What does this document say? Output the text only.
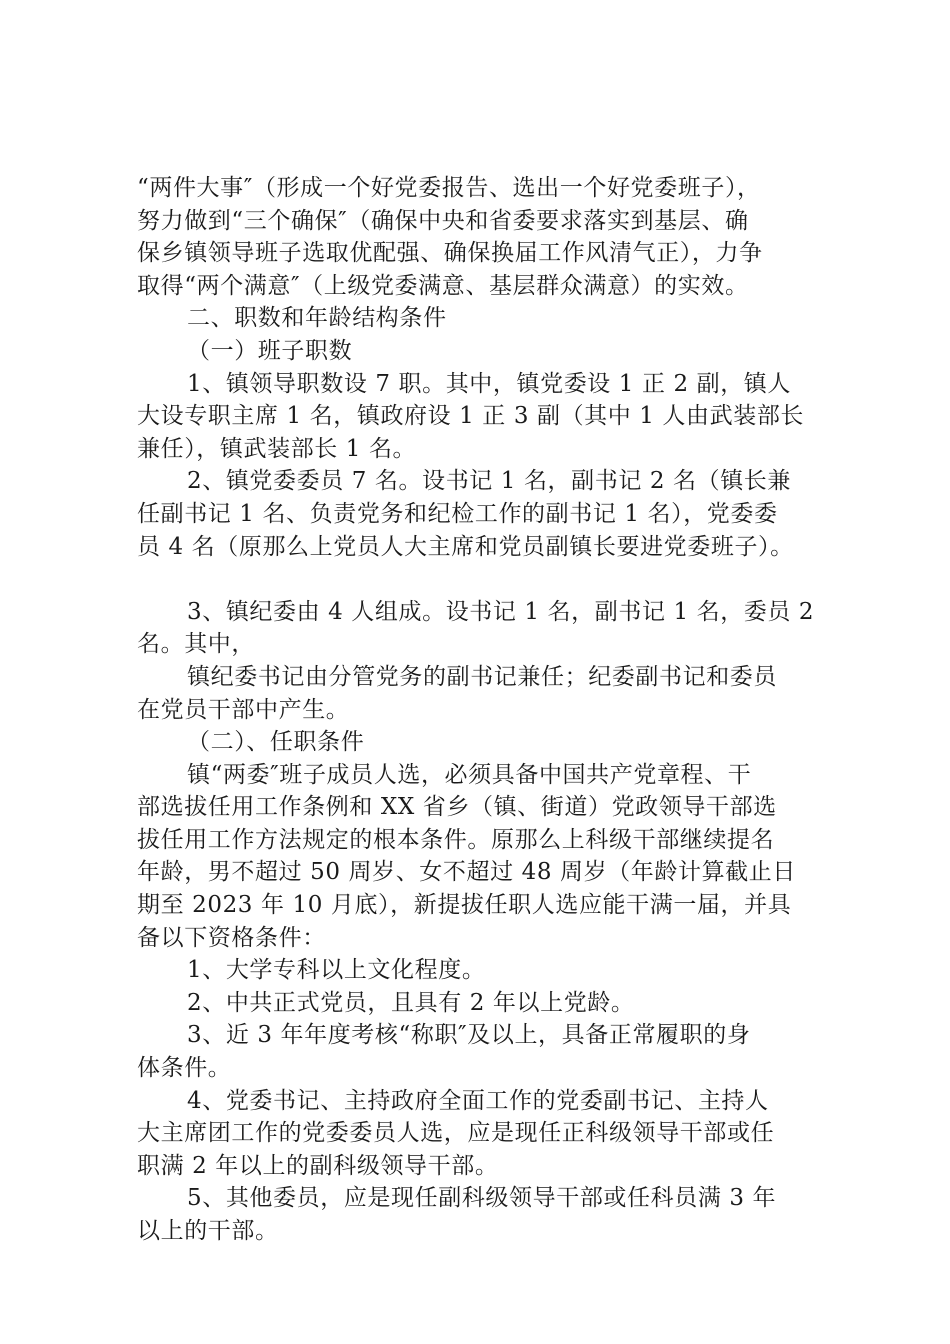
“两件大事″（形成一个好党委报告、选出一个好党委班子），
努力做到“三个确保″（确保中央和省委要求落实到基层、确
保乡镇领导班子选取优配强、确保换届工作风清气正），力争
取得“两个满意″（上级党委满意、基层群众满意）的实效。
二、职数和年龄结构条件
（一）班子职数
1、镇领导职数设 7 职。其中，镇党委设 1 正 2 副，镇人
大设专职主席 1 名，镇政府设 1 正 3 副（其中 1 人由武装部长
兼任），镇武装部长 1 名。
2、镇党委委员 7 名。设书记 1 名，副书记 2 名（镇长兼
任副书记 1 名、负责党务和纪检工作的副书记 1 名），党委委
员 4 名（原那么上党员人大主席和党员副镇长要进党委班子）。
3、镇纪委由 4 人组成。设书记 1 名，副书记 1 名，委员 2
名。其中，
镇纪委书记由分管党务的副书记兼任；纪委副书记和委员
在党员干部中产生。
（二）、任职条件
镇“两委″班子成员人选，必须具备中国共产党章程、干
部选拔任用工作条例和 XX 省乡（镇、街道）党政领导干部选
拔任用工作方法规定的根本条件。原那么上科级干部继续提名
年龄，男不超过 50 周岁、女不超过 48 周岁（年龄计算截止日
期至 2023 年 10 月底），新提拔任职人选应能干满一届，并具
备以下资格条件：
1、大学专科以上文化程度。
2、中共正式党员，且具有 2 年以上党龄。
3、近 3 年年度考核“称职″及以上，具备正常履职的身
体条件。
4、党委书记、主持政府全面工作的党委副书记、主持人
大主席团工作的党委委员人选，应是现任正科级领导干部或任
职满 2 年以上的副科级领导干部。
5、其他委员，应是现任副科级领导干部或任科员满 3 年
以上的干部。
